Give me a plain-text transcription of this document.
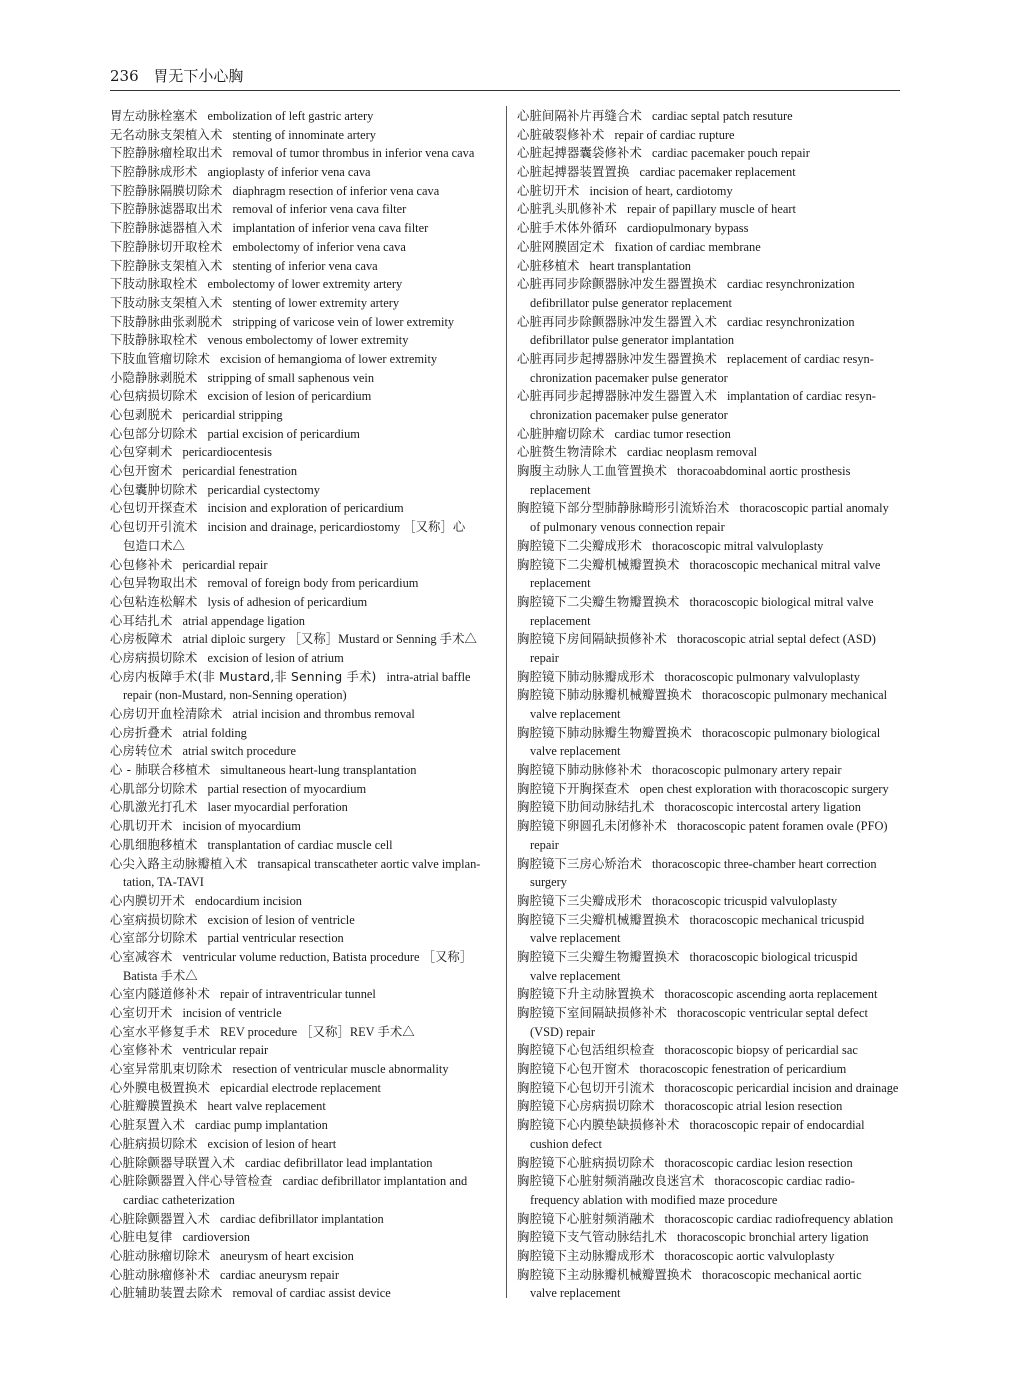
236 胃无下小心胸
胃左动脉栓塞术 embolization of left gastric artery
无名动脉支架植入术 stenting of innominate artery
下腔静脉瘤栓取出术 removal of tumor thrombus in inferior vena cava
下腔静脉成形术 angioplasty of inferior vena cava
下腔静脉隔膜切除术 diaphragm resection of inferior vena cava
下腔静脉滤器取出术 removal of inferior vena cava filter
下腔静脉滤器植入术 implantation of inferior vena cava filter
下腔静脉切开取栓术 embolectomy of inferior vena cava
下腔静脉支架植入术 stenting of inferior vena cava
下肢动脉取栓术 embolectomy of lower extremity artery
下肢动脉支架植入术 stenting of lower extremity artery
下肢静脉曲张剥脱术 stripping of varicose vein of lower extremity
下肢静脉取栓术 venous embolectomy of lower extremity
下肢血管瘤切除术 excision of hemangioma of lower extremity
小隐静脉剥脱术 stripping of small saphenous vein
心包病损切除术 excision of lesion of pericardium
心包剥脱术 pericardial stripping
心包部分切除术 partial excision of pericardium
心包穿刺术 pericardiocentesis
心包开窗术 pericardial fenestration
心包囊肿切除术 pericardial cystectomy
心包切开探查术 incision and exploration of pericardium
心包切开引流术 incision and drainage, pericardiostomy ［又称］心
包造口术△
心包修补术 pericardial repair
心包异物取出术 removal of foreign body from pericardium
心包粘连松解术 lysis of adhesion of pericardium
心耳结扎术 atrial appendage ligation
心房板障术 atrial diploic surgery ［又称］Mustard or Senning 手术△
心房病损切除术 excision of lesion of atrium
心房内板障手术(非 Mustard,非 Senning 手术) intra-atrial baffle
repair (non-Mustard, non-Senning operation)
心房切开血栓清除术 atrial incision and thrombus removal
心房折叠术 atrial folding
心房转位术 atrial switch procedure
心 - 肺联合移植术 simultaneous heart-lung transplantation
心肌部分切除术 partial resection of myocardium
心肌激光打孔术 laser myocardial perforation
心肌切开术 incision of myocardium
心肌细胞移植术 transplantation of cardiac muscle cell
心尖入路主动脉瓣植入术 transapical transcatheter aortic valve implan-
tation, TA-TAVI
心内膜切开术 endocardium incision
心室病损切除术 excision of lesion of ventricle
心室部分切除术 partial ventricular resection
心室减容术 ventricular volume reduction, Batista procedure ［又称］
Batista 手术△
心室内隧道修补术 repair of intraventricular tunnel
心室切开术 incision of ventricle
心室水平修复手术 REV procedure ［又称］REV 手术△
心室修补术 ventricular repair
心室异常肌束切除术 resection of ventricular muscle abnormality
心外膜电极置换术 epicardial electrode replacement
心脏瓣膜置换术 heart valve replacement
心脏泵置入术 cardiac pump implantation
心脏病损切除术 excision of lesion of heart
心脏除颤器导联置入术 cardiac defibrillator lead implantation
心脏除颤器置入伴心导管检查 cardiac defibrillator implantation and
cardiac catheterization
心脏除颤器置入术 cardiac defibrillator implantation
心脏电复律 cardioversion
心脏动脉瘤切除术 aneurysm of heart excision
心脏动脉瘤修补术 cardiac aneurysm repair
心脏辅助装置去除术 removal of cardiac assist device
心脏间隔补片再缝合术 cardiac septal patch resuture
心脏破裂修补术 repair of cardiac rupture
心脏起搏器囊袋修补术 cardiac pacemaker pouch repair
心脏起搏器装置置换 cardiac pacemaker replacement
心脏切开术 incision of heart, cardiotomy
心脏乳头肌修补术 repair of papillary muscle of heart
心脏手术体外循环 cardiopulmonary bypass
心脏网膜固定术 fixation of cardiac membrane
心脏移植术 heart transplantation
心脏再同步除颤器脉冲发生器置换术 cardiac resynchronization
defibrillator pulse generator replacement
心脏再同步除颤器脉冲发生器置入术 cardiac resynchronization
defibrillator pulse generator implantation
心脏再同步起搏器脉冲发生器置换术 replacement of cardiac resyn-
chronization pacemaker pulse generator
心脏再同步起搏器脉冲发生器置入术 implantation of cardiac resyn-
chronization pacemaker pulse generator
心脏肿瘤切除术 cardiac tumor resection
心脏赘生物清除术 cardiac neoplasm removal
胸腹主动脉人工血管置换术 thoracoabdominal aortic prosthesis
replacement
胸腔镜下部分型肺静脉畸形引流矫治术 thoracoscopic partial anomaly
of pulmonary venous connection repair
胸腔镜下二尖瓣成形术 thoracoscopic mitral valvuloplasty
胸腔镜下二尖瓣机械瓣置换术 thoracoscopic mechanical mitral valve
replacement
胸腔镜下二尖瓣生物瓣置换术 thoracoscopic biological mitral valve
replacement
胸腔镜下房间隔缺损修补术 thoracoscopic atrial septal defect (ASD)
repair
胸腔镜下肺动脉瓣成形术 thoracoscopic pulmonary valvuloplasty
胸腔镜下肺动脉瓣机械瓣置换术 thoracoscopic pulmonary mechanical
valve replacement
胸腔镜下肺动脉瓣生物瓣置换术 thoracoscopic pulmonary biological
valve replacement
胸腔镜下肺动脉修补术 thoracoscopic pulmonary artery repair
胸腔镜下开胸探查术 open chest exploration with thoracoscopic surgery
胸腔镜下肋间动脉结扎术 thoracoscopic intercostal artery ligation
胸腔镜下卵圆孔未闭修补术 thoracoscopic patent foramen ovale (PFO)
repair
胸腔镜下三房心矫治术 thoracoscopic three-chamber heart correction
surgery
胸腔镜下三尖瓣成形术 thoracoscopic tricuspid valvuloplasty
胸腔镜下三尖瓣机械瓣置换术 thoracoscopic mechanical tricuspid
valve replacement
胸腔镜下三尖瓣生物瓣置换术 thoracoscopic biological tricuspid
valve replacement
胸腔镜下升主动脉置换术 thoracoscopic ascending aorta replacement
胸腔镜下室间隔缺损修补术 thoracoscopic ventricular septal defect
(VSD) repair
胸腔镜下心包活组织检查 thoracoscopic biopsy of pericardial sac
胸腔镜下心包开窗术 thoracoscopic fenestration of pericardium
胸腔镜下心包切开引流术 thoracoscopic pericardial incision and drainage
胸腔镜下心房病损切除术 thoracoscopic atrial lesion resection
胸腔镜下心内膜垫缺损修补术 thoracoscopic repair of endocardial
cushion defect
胸腔镜下心脏病损切除术 thoracoscopic cardiac lesion resection
胸腔镜下心脏射频消融改良迷宫术 thoracoscopic cardiac radio-
frequency ablation with modified maze procedure
胸腔镜下心脏射频消融术 thoracoscopic cardiac radiofrequency ablation
胸腔镜下支气管动脉结扎术 thoracoscopic bronchial artery ligation
胸腔镜下主动脉瓣成形术 thoracoscopic aortic valvuloplasty
胸腔镜下主动脉瓣机械瓣置换术 thoracoscopic mechanical aortic
valve replacement
